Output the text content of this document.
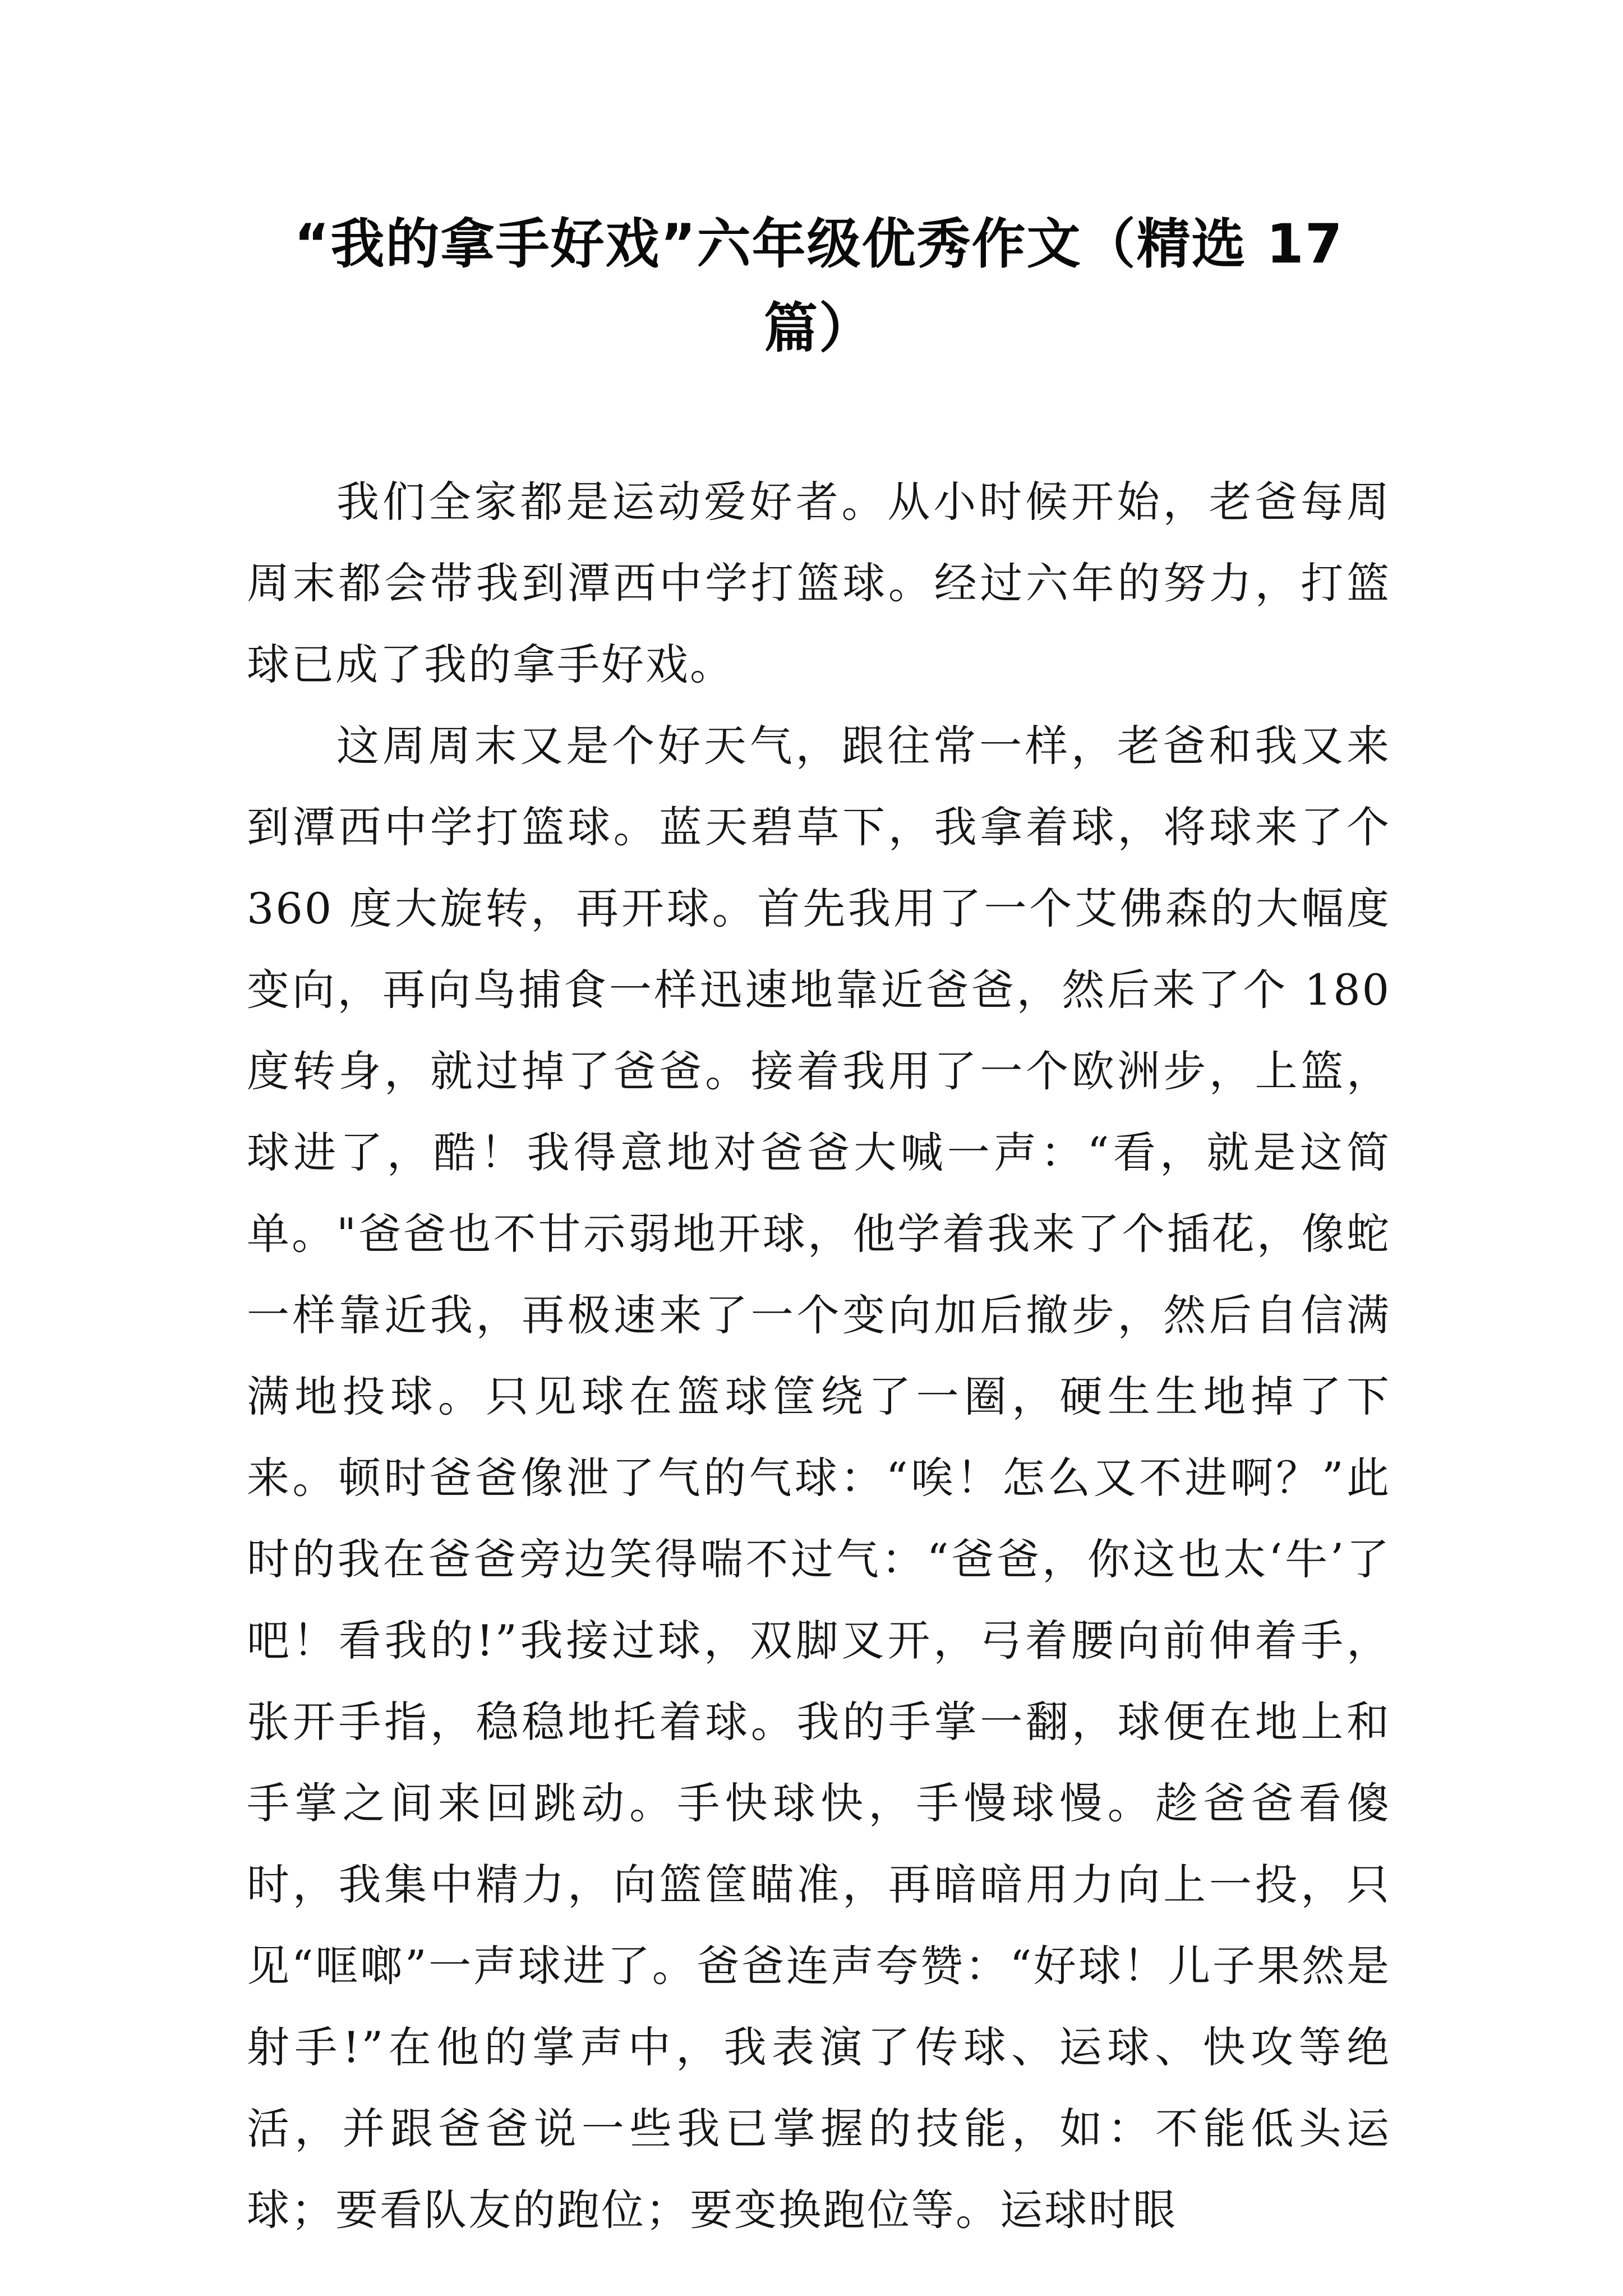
“我的拿手好戏”六年级优秀作文（精选 17 篇）

我们全家都是运动爱好者。从小时候开始，老爸每周周末都会带我到潭西中学打篮球。经过六年的努力，打篮球已成了我的拿手好戏。

这周周末又是个好天气，跟往常一样，老爸和我又来到潭西中学打篮球。蓝天碧草下，我拿着球，将球来了个 360 度大旋转，再开球。首先我用了一个艾佛森的大幅度变向，再向鸟捕食一样迅速地靠近爸爸，然后来了个 180 度转身，就过掉了爸爸。接着我用了一个欧洲步，上篮，球进了，酷！我得意地对爸爸大喊一声：“看，就是这简单。"爸爸也不甘示弱地开球，他学着我来了个插花，像蛇一样靠近我，再极速来了一个变向加后撤步，然后自信满满地投球。只见球在篮球筐绕了一圈，硬生生地掉了下来。顿时爸爸像泄了气的气球：“唉！怎么又不进啊？”此时的我在爸爸旁边笑得喘不过气：“爸爸，你这也太‘牛’了吧！看我的!”我接过球，双脚叉开，弓着腰向前伸着手，张开手指，稳稳地托着球。我的手掌一翻，球便在地上和手掌之间来回跳动。手快球快，手慢球慢。趁爸爸看傻时，我集中精力，向篮筐瞄准，再暗暗用力向上一投，只见“哐啷”一声球进了。爸爸连声夸赞：“好球！儿子果然是射手!”在他的掌声中，我表演了传球、运球、快攻等绝活，并跟爸爸说一些我已掌握的技能，如：不能低头运球；要看队友的跑位；要变换跑位等。运球时眼
